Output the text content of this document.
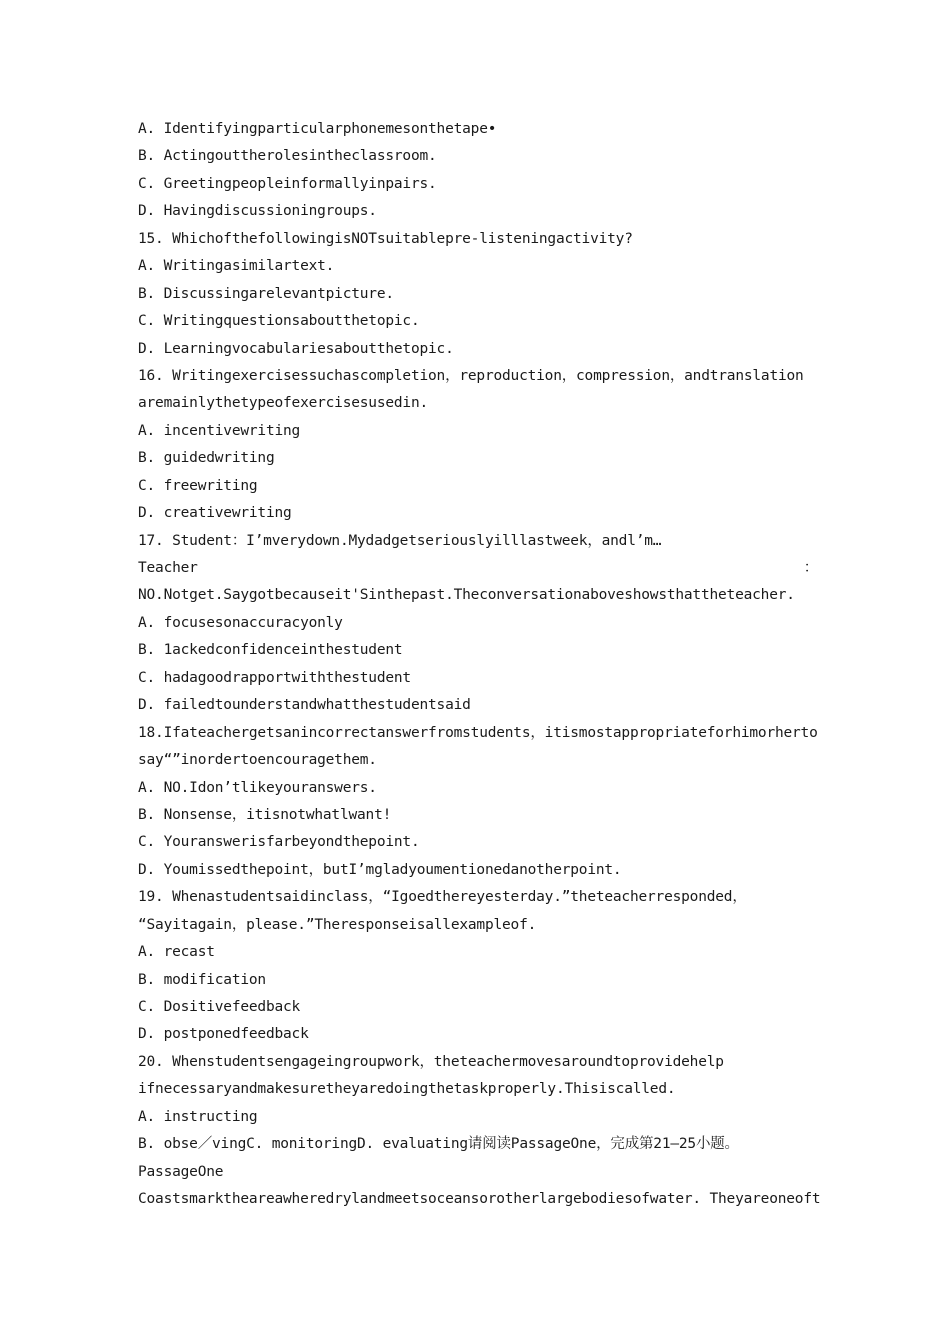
A. Identifyingparticularphonemesonthetape•
B. Actingouttherolesintheclassroom.
C. Greetingpeopleinformallyinpairs.
D. Havingdiscussioningroups.
15. WhichofthefollowingisNOTsuitablepre-listeningactivity?
A. Writingasimilartext.
B. Discussingarelevantpicture.
C. Writingquestionsaboutthetopic.
D. Learningvocabulariesaboutthetopic.
16. Writingexercisessuchascompletion，reproduction，compression，andtranslation
aremainlythetypeofexercisesusedin.
A. incentivewriting
B. guidedwriting
C. freewriting
D. creativewriting
17. Student：I’mverydown.Mydadgetseriouslyilllastweek，andl’m…
Teacher	：
NO.Notget.Saygotbecauseit'Sinthepast.Theconversationaboveshowsthattheteacher.
A. focusesonaccuracyonly
B. 1ackedconfidenceinthestudent
C. hadagoodrapportwiththestudent
D. failedtounderstandwhatthestudentsaid
18.Ifateachergetsanincorrectanswerfromstudents，itismostappropriateforhimorherto
say“”inordertoencouragethem.
A. NO.Idon’tlikeyouranswers.
B. Nonsense，itisnotwhatlwant!
C. Youranswerisfarbeyondthepoint.
D. Youmissedthepoint，butI’mgladyoumentionedanotherpoint.
19. Whenastudentsaidinclass，“Igoedthereyesterday.”theteacherresponded，
“Sayitagain，please.”Theresponseisallexampleof.
A. recast
B. modification
C. Dositivefeedback
D. postponedfeedback
20. Whenstudentsengageingroupwork，theteachermovesaroundtoprovidehelp
ifnecessaryandmakesuretheyaredoingthetaskproperly.Thisiscalled.
A. instructing
B. obse／vingC. monitoringD. evaluating请阅读PassageOne，完成第21—25小题。
PassageOne
Coastsmarktheareawheredrylandmeetsoceansorotherlargebodiesofwater. Theyareoneoft
